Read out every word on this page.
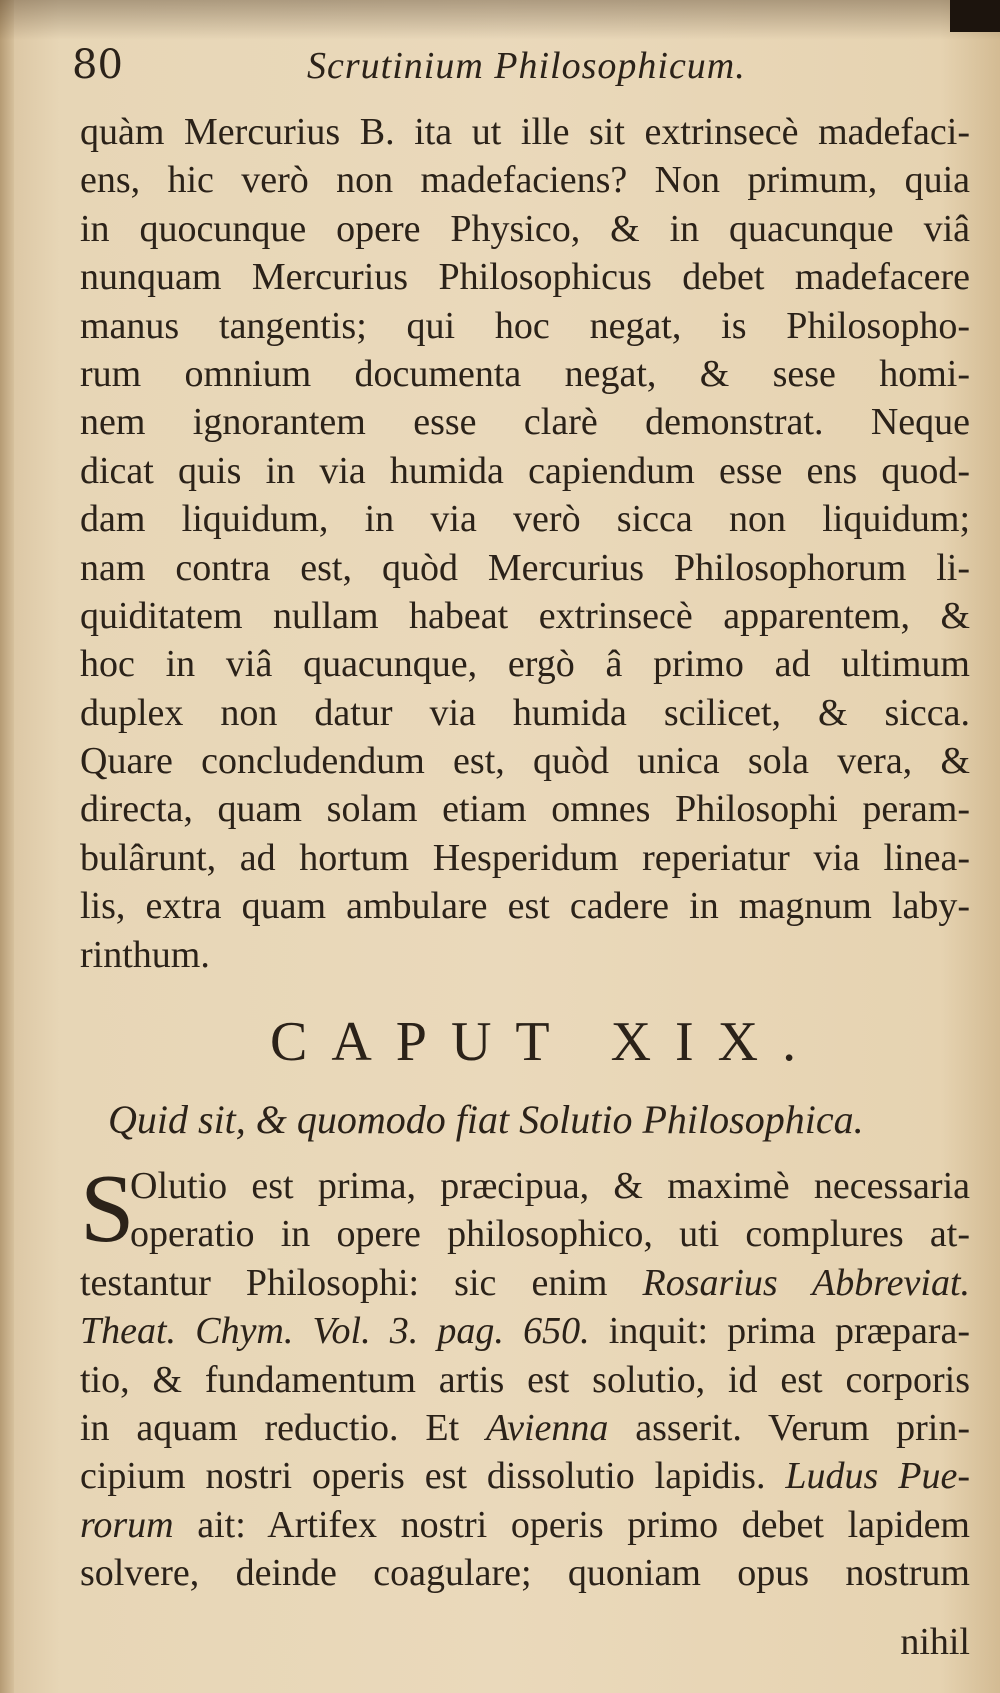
80	Scrutinium Philosophicum.
quàm Mercurius B. ita ut ille sit extrinsecè madefaci-
ens, hic verò non madefaciens? Non primum, quia
in quocunque opere Physico, & in quacunque viâ
nunquam Mercurius Philosophicus debet madefacere
manus tangentis; qui hoc negat, is Philosopho-
rum omnium documenta negat, & sese homi-
nem ignorantem esse clarè demonstrat. Neque
dicat quis in via humida capiendum esse ens quod-
dam liquidum, in via verò sicca non liquidum;
nam contra est, quòd Mercurius Philosophorum li-
quiditatem nullam habeat extrinsecè apparentem, &
hoc in viâ quacunque, ergò â primo ad ultimum
duplex non datur via humida scilicet, & sicca.
Quare concludendum est, quòd unica sola vera, &
directa, quam solam etiam omnes Philosophi peram-
bulârunt, ad hortum Hesperidum reperiatur via linea-
lis, extra quam ambulare est cadere in magnum laby-
rinthum.
CAPUT XIX.
Quid sit, & quomodo fiat Solutio Philosophica.
S
Olutio est prima, præcipua, & maximè necessaria
operatio in opere philosophico, uti complures at-
testantur Philosophi: sic enim Rosarius Abbreviat.
Theat. Chym. Vol. 3. pag. 650. inquit: prima præpara-
tio, & fundamentum artis est solutio, id est corporis
in aquam reductio. Et Avienna asserit. Verum prin-
cipium nostri operis est dissolutio lapidis. Ludus Pue-
rorum ait: Artifex nostri operis primo debet lapidem
solvere, deinde coagulare; quoniam opus nostrum
nihil
